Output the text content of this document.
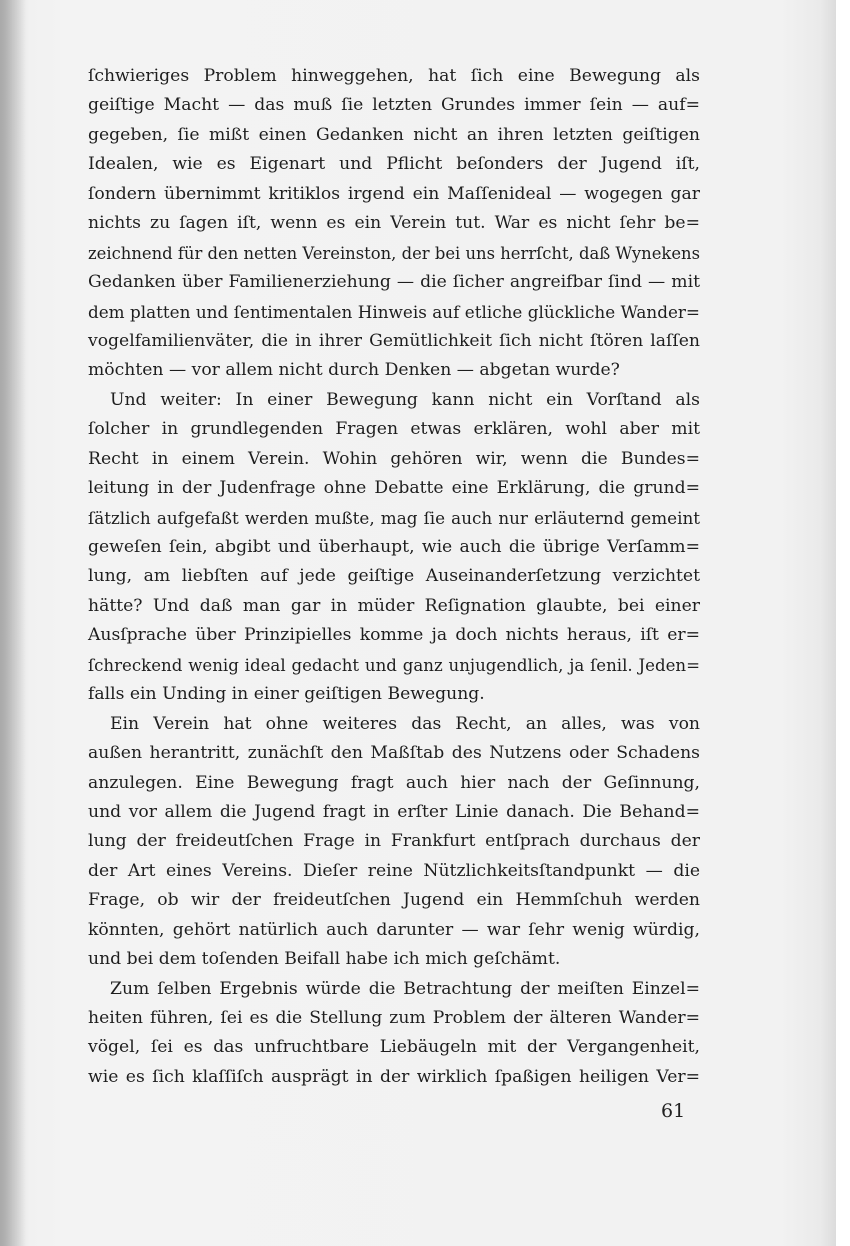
ſchwieriges Problem hinweggehen, hat ſich eine Bewegung als
geiſtige Macht — das muß ſie letzten Grundes immer ſein — auf=
gegeben, ſie mißt einen Gedanken nicht an ihren letzten geiſtigen
Idealen, wie es Eigenart und Pflicht beſonders der Jugend iſt,
ſondern übernimmt kritiklos irgend ein Maſſenideal — wogegen gar
nichts zu ſagen iſt, wenn es ein Verein tut. War es nicht ſehr be=
zeichnend für den netten Vereinston, der bei uns herrſcht, daß Wynekens
Gedanken über Familienerziehung — die ſicher angreifbar ſind — mit
dem platten und ſentimentalen Hinweis auf etliche glückliche Wander=
vogelfamilienväter, die in ihrer Gemütlichkeit ſich nicht ſtören laſſen
möchten — vor allem nicht durch Denken — abgetan wurde?
Und weiter: In einer Bewegung kann nicht ein Vorſtand als
ſolcher in grundlegenden Fragen etwas erklären, wohl aber mit
Recht in einem Verein. Wohin gehören wir, wenn die Bundes=
leitung in der Judenfrage ohne Debatte eine Erklärung, die grund=
ſätzlich aufgefaßt werden mußte, mag ſie auch nur erläuternd gemeint
geweſen ſein, abgibt und überhaupt, wie auch die übrige Verſamm=
lung, am liebſten auf jede geiſtige Auseinanderſetzung verzichtet
hätte? Und daß man gar in müder Reſignation glaubte, bei einer
Ausſprache über Prinzipielles komme ja doch nichts heraus, iſt er=
ſchreckend wenig ideal gedacht und ganz unjugendlich, ja ſenil. Jeden=
falls ein Unding in einer geiſtigen Bewegung.
Ein Verein hat ohne weiteres das Recht, an alles, was von
außen herantritt, zunächſt den Maßſtab des Nutzens oder Schadens
anzulegen. Eine Bewegung fragt auch hier nach der Geſinnung,
und vor allem die Jugend fragt in erſter Linie danach. Die Behand=
lung der freideutſchen Frage in Frankfurt entſprach durchaus der
der Art eines Vereins. Dieſer reine Nützlichkeitsſtandpunkt — die
Frage, ob wir der freideutſchen Jugend ein Hemmſchuh werden
könnten, gehört natürlich auch darunter — war ſehr wenig würdig,
und bei dem toſenden Beifall habe ich mich geſchämt.
Zum ſelben Ergebnis würde die Betrachtung der meiſten Einzel=
heiten führen, ſei es die Stellung zum Problem der älteren Wander=
vögel, ſei es das unfruchtbare Liebäugeln mit der Vergangenheit,
wie es ſich klaſſiſch ausprägt in der wirklich ſpaßigen heiligen Ver=
61
